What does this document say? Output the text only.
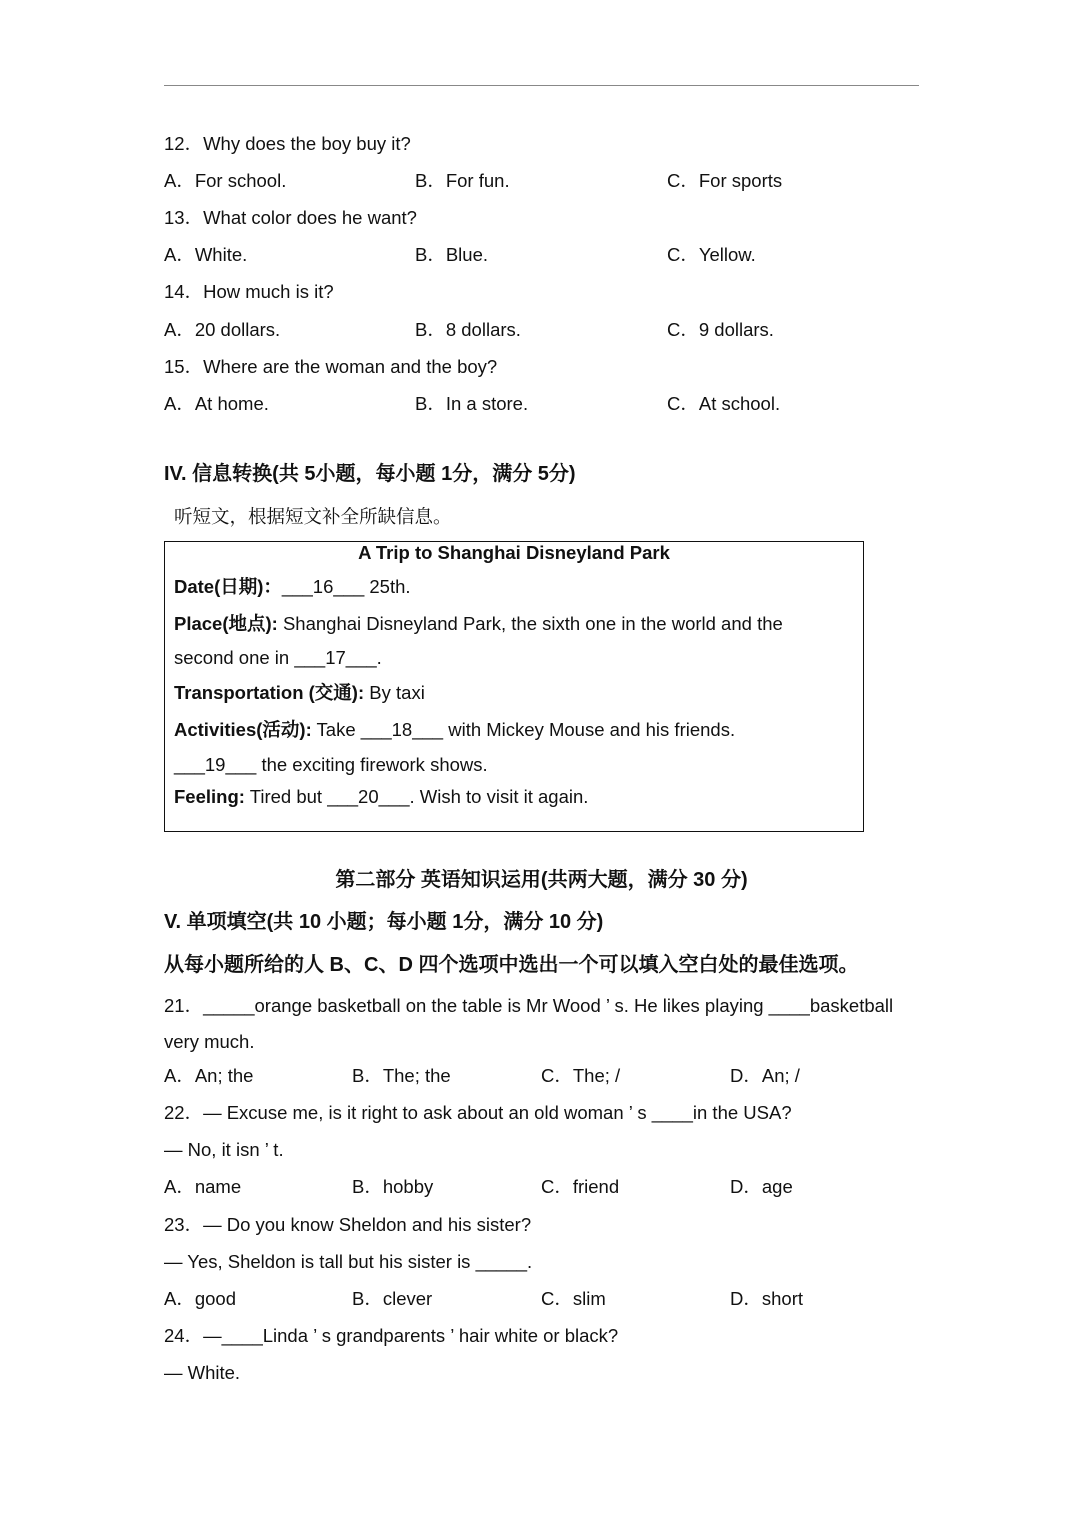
12．Why does the boy buy it?
A．For school.	B．For fun.	C．For sports
13．What color does he want?
A．White.	B．Blue.	C．Yellow.
14．How much is it?
A．20 dollars.	B．8 dollars.	C．9 dollars.
15．Where are the woman and the boy?
A．At home.	B．In a store.	C．At school.
IV. 信息转换(共 5小题，每小题 1分，满分 5分)
听短文，根据短文补全所缺信息。
A Trip to Shanghai Disneyland Park
Date(日期)：___16___ 25th.
Place(地点): Shanghai Disneyland Park, the sixth one in the world and the
second one in ___17___.
Transportation (交通): By taxi
Activities(活动): Take ___18___ with Mickey Mouse and his friends.
___19___ the exciting firework shows.
Feeling: Tired but ___20___. Wish to visit it again.
第二部分 英语知识运用(共两大题，满分 30 分)
V. 单项填空(共 10 小题；每小题 1分，满分 10 分)
从每小题所给的人 B、C、D 四个选项中选出一个可以填入空白处的最佳选项。
21．_____orange basketball on the table is Mr Wood ’ s. He likes playing ____basketball
very much.
A．An; the	B．The; the	C．The; /	D．An; /
22．— Excuse me, is it right to ask about an old woman ’ s ____in the USA?
— No, it isn ’ t.
A．name	B．hobby	C．friend	D．age
23．— Do you know Sheldon and his sister?
— Yes, Sheldon is tall but his sister is _____.
A．good	B．clever	C．slim	D．short
24．—____Linda ’ s grandparents ’ hair white or black?
— White.
